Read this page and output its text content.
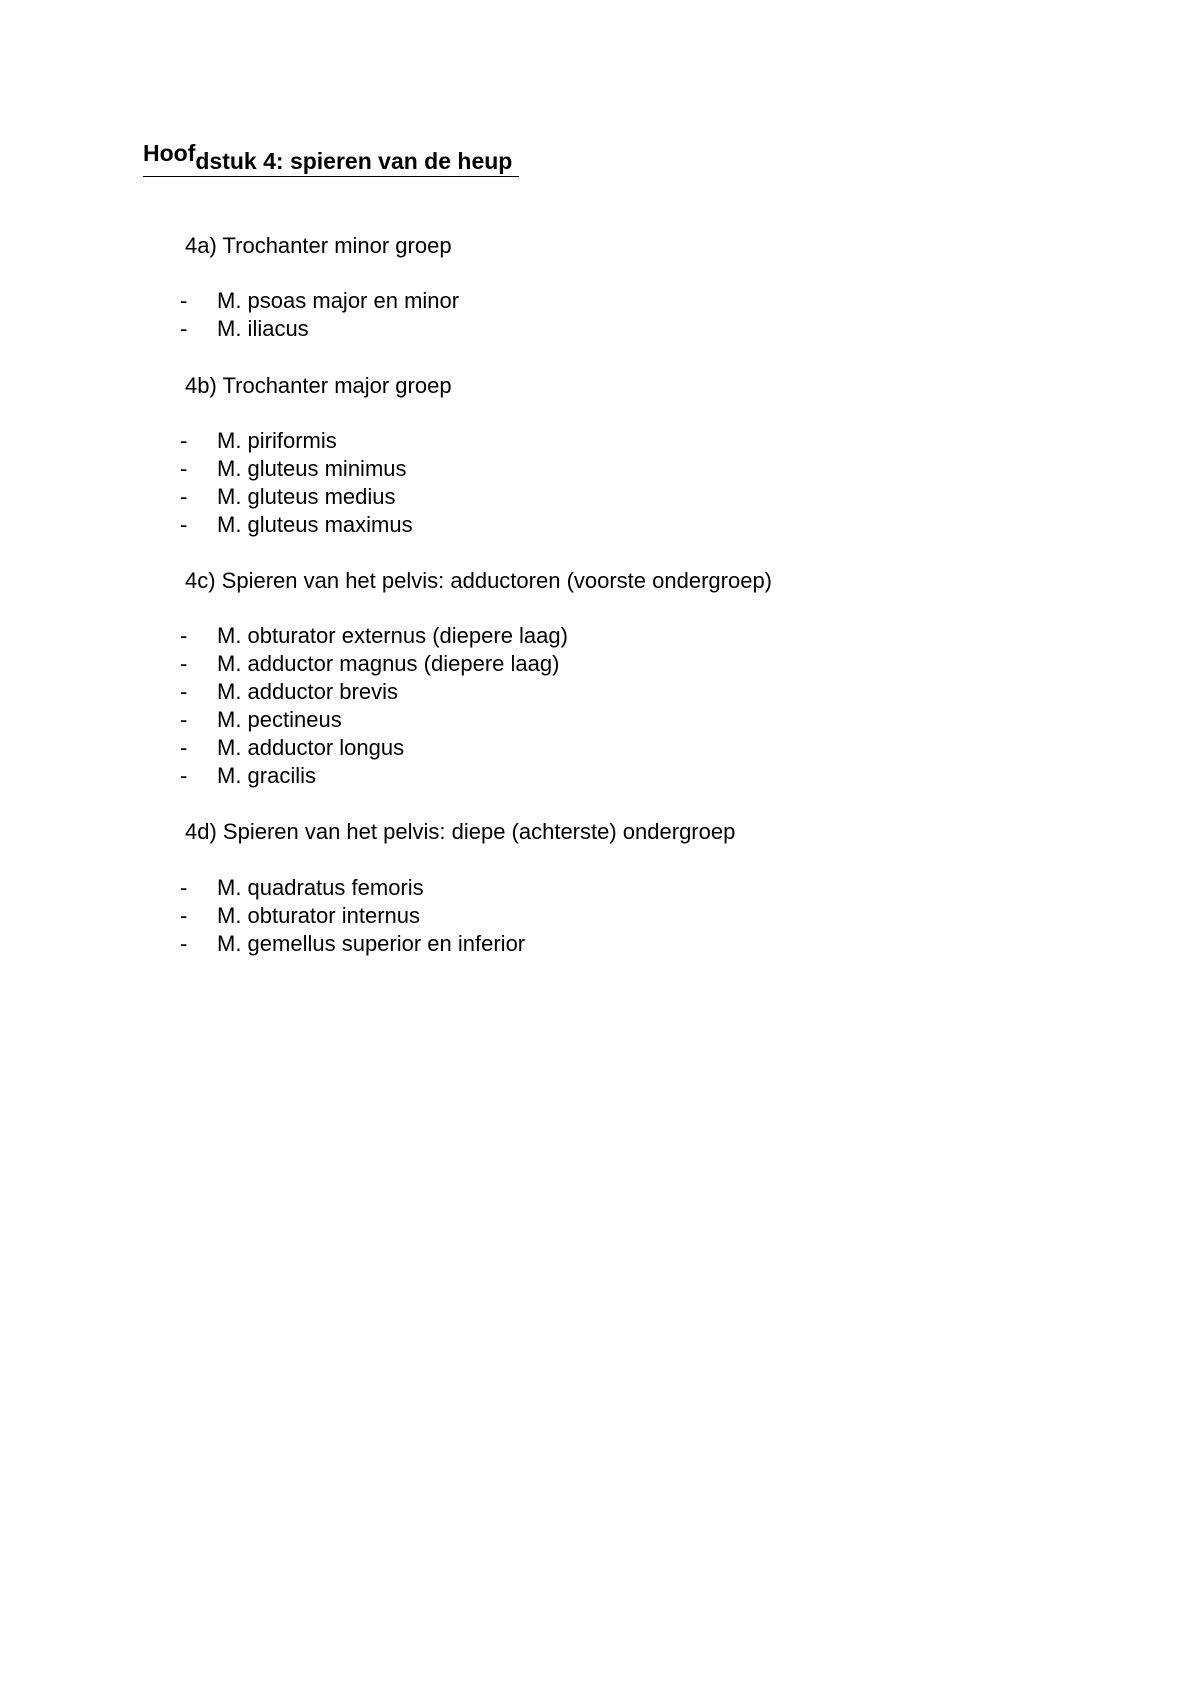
Hoofdstuk 4: spieren van de heup
4a) Trochanter minor groep
- M. psoas major en minor
- M. iliacus
4b) Trochanter major groep
- M. piriformis
- M. gluteus minimus
- M. gluteus medius
- M. gluteus maximus
4c) Spieren van het pelvis: adductoren (voorste ondergroep)
- M. obturator externus (diepere laag)
- M. adductor magnus (diepere laag)
- M. adductor brevis
- M. pectineus
- M. adductor longus
- M. gracilis
4d) Spieren van het pelvis: diepe (achterste) ondergroep
- M. quadratus femoris
- M. obturator internus
- M. gemellus superior en inferior
